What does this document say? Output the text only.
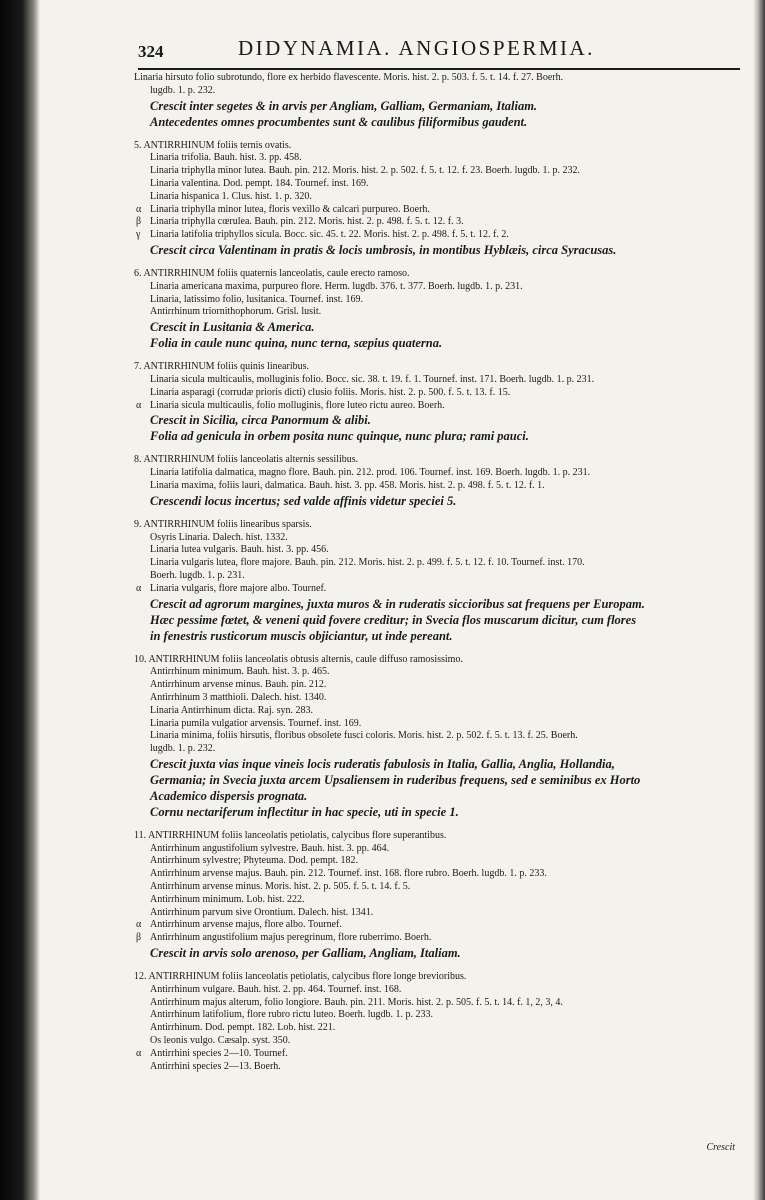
324	DIDYNAMIA. ANGIOSPERMIA.
Linaria hirsuto folio subrotundo, flore ex herbido flavescente. Moris. hist. 2. p. 503. f. 5. t. 14. f. 27. Boerh.
lugdb. 1. p. 232.
Crescit inter segetes & in arvis per Angliam, Galliam, Germaniam, Italiam.
Antecedentes omnes procumbentes sunt & caulibus filiformibus gaudent.
5. ANTIRRHINUM foliis ternis ovatis.
Linaria trifolia. Bauh. hist. 3. pp. 458.
Linaria triphylla minor lutea. Bauh. pin. 212. Moris. hist. 2. p. 502. f. 5. t. 12. f. 23. Boerh. lugdb. 1. p. 232.
Linaria valentina. Dod. pempt. 184. Tournef. inst. 169.
Linaria hispanica 1. Clus. hist. 1. p. 320.
α Linaria triphylla minor lutea, floris vexillo & calcari purpureo. Boerh.
β Linaria triphylla cœrulea. Bauh. pin. 212. Moris. hist. 2. p. 498. f. 5. t. 12. f. 3.
γ Linaria latifolia triphyllos sicula. Bocc. sic. 45. t. 22. Moris. hist. 2. p. 498. f. 5. t. 12. f. 2.
Crescit circa Valentinam in pratis & locis umbrosis, in montibus Hyblæis, circa Syracusas.
6. ANTIRRHINUM foliis quaternis lanceolatis, caule erecto ramoso.
Linaria americana maxima, purpureo flore. Herm. lugdb. 376. t. 377. Boerh. lugdb. 1. p. 231.
Linaria, latissimo folio, lusitanica. Tournef. inst. 169.
Antirrhinum triornithophorum. Grisl. lusit.
Crescit in Lusitania & America.
Folia in caule nunc quina, nunc terna, sæpius quaterna.
7. ANTIRRHINUM foliis quinis linearibus.
Linaria sicula multicaulis, molluginis folio. Bocc. sic. 38. t. 19. f. 1. Tournef. inst. 171. Boerh. lugdb. 1. p. 231.
Linaria asparagi (corrudæ prioris dicti) clusio foliis. Moris. hist. 2. p. 500. f. 5. t. 13. f. 15.
α Linaria sicula multicaulis, folio molluginis, flore luteo rictu aureo. Boerh.
Crescit in Sicilia, circa Panormum & alibi.
Folia ad genicula in orbem posita nunc quinque, nunc plura; rami pauci.
8. ANTIRRHINUM foliis lanceolatis alternis sessilibus.
Linaria latifolia dalmatica, magno flore. Bauh. pin. 212. prod. 106. Tournef. inst. 169. Boerh. lugdb. 1. p. 231.
Linaria maxima, foliis lauri, dalmatica. Bauh. hist. 3. pp. 458. Moris. hist. 2. p. 498. f. 5. t. 12. f. 1.
Crescendi locus incertus; sed valde affinis videtur speciei 5.
9. ANTIRRHINUM foliis linearibus sparsis.
Osyris Linaria. Dalech. hist. 1332.
Linaria lutea vulgaris. Bauh. hist. 3. pp. 456.
Linaria vulgaris lutea, flore majore. Bauh. pin. 212. Moris. hist. 2. p. 499. f. 5. t. 12. f. 10. Tournef. inst. 170.
Boerh. lugdb. 1. p. 231.
α Linaria vulgaris, flore majore albo. Tournef.
Crescit ad agrorum margines, juxta muros & in ruderatis siccioribus sat frequens per Europam.
Hæc pessime fœtet, & veneni quid fovere creditur; in Svecia flos muscarum dicitur, cum flores
in fenestris rusticorum muscis objiciantur, ut inde pereant.
10. ANTIRRHINUM foliis lanceolatis obtusis alternis, caule diffuso ramosissimo.
Antirrhinum minimum. Bauh. hist. 3. p. 465.
Antirrhinum arvense minus. Bauh. pin. 212.
Antirrhinum 3 matthioli. Dalech. hist. 1340.
Linaria Antirrhinum dicta. Raj. syn. 283.
Linaria pumila vulgatior arvensis. Tournef. inst. 169.
Linaria minima, foliis hirsutis, floribus obsolete fusci coloris. Moris. hist. 2. p. 502. f. 5. t. 13. f. 25. Boerh.
lugdb. 1. p. 232.
Crescit juxta vias inque vineis locis ruderatis fabulosis in Italia, Gallia, Anglia, Hollandia,
Germania; in Svecia juxta arcem Upsaliensem in ruderibus frequens, sed e seminibus ex Horto
Academico dispersis prognata.
Cornu nectariferum inflectitur in hac specie, uti in specie 1.
11. ANTIRRHINUM foliis lanceolatis petiolatis, calycibus flore superantibus.
Antirrhinum angustifolium sylvestre. Bauh. hist. 3. pp. 464.
Antirrhinum sylvestre; Phyteuma. Dod. pempt. 182.
Antirrhinum arvense majus. Bauh. pin. 212. Tournef. inst. 168. flore rubro. Boerh. lugdb. 1. p. 233.
Antirrhinum arvense minus. Moris. hist. 2. p. 505. f. 5. t. 14. f. 5.
Antirrhinum minimum. Lob. hist. 222.
Antirrhinum parvum sive Orontium. Dalech. hist. 1341.
α Antirrhinum arvense majus, flore albo. Tournef.
β Antirrhinum angustifolium majus peregrinum, flore ruberrimo. Boerh.
Crescit in arvis solo arenoso, per Galliam, Angliam, Italiam.
12. ANTIRRHINUM foliis lanceolatis petiolatis, calycibus flore longe brevioribus.
Antirrhinum vulgare. Bauh. hist. 2. pp. 464. Tournef. inst. 168.
Antirrhinum majus alterum, folio longiore. Bauh. pin. 211. Moris. hist. 2. p. 505. f. 5. t. 14. f. 1, 2, 3, 4.
Antirrhinum latifolium, flore rubro rictu luteo. Boerh. lugdb. 1. p. 233.
Antirrhinum. Dod. pempt. 182. Lob. hist. 221.
Os leonis vulgo. Cæsalp. syst. 350.
α Antirrhini species 2—10. Tournef.
Antirrhini species 2—13. Boerh.
Crescit
